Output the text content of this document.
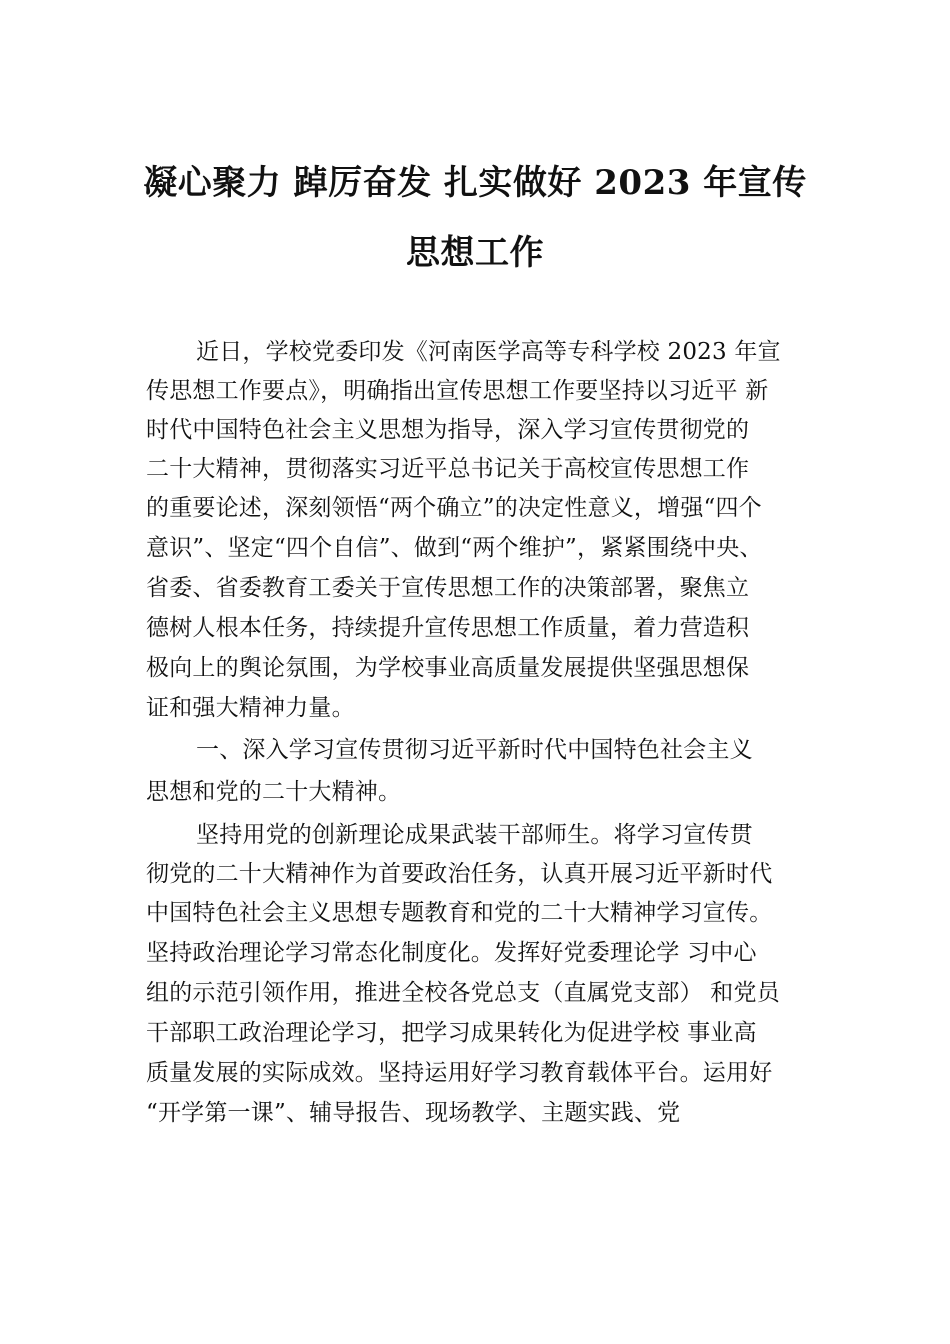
凝心聚力 踔厉奋发 扎实做好 2023 年宣传
思想工作
近日，学校党委印发《河南医学高等专科学校 2023 年宣
传思想工作要点》，明确指出宣传思想工作要坚持以习近平 新
时代中国特色社会主义思想为指导，深入学习宣传贯彻党的
二十大精神，贯彻落实习近平总书记关于高校宣传思想工作
的重要论述，深刻领悟“两个确立”的决定性意义，增强“四个
意识”、坚定“四个自信”、做到“两个维护”，紧紧围绕中央、
省委、省委教育工委关于宣传思想工作的决策部署，聚焦立
德树人根本任务，持续提升宣传思想工作质量，着力营造积
极向上的舆论氛围，为学校事业高质量发展提供坚强思想保
证和强大精神力量。
一、深入学习宣传贯彻习近平新时代中国特色社会主义
思想和党的二十大精神。
坚持用党的创新理论成果武装干部师生。将学习宣传贯
彻党的二十大精神作为首要政治任务，认真开展习近平新时代
中国特色社会主义思想专题教育和党的二十大精神学习宣传。
坚持政治理论学习常态化制度化。发挥好党委理论学 习中心
组的示范引领作用，推进全校各党总支（直属党支部） 和党员
干部职工政治理论学习，把学习成果转化为促进学校 事业高
质量发展的实际成效。坚持运用好学习教育载体平台。运用好
“开学第一课”、辅导报告、现场教学、主题实践、党
